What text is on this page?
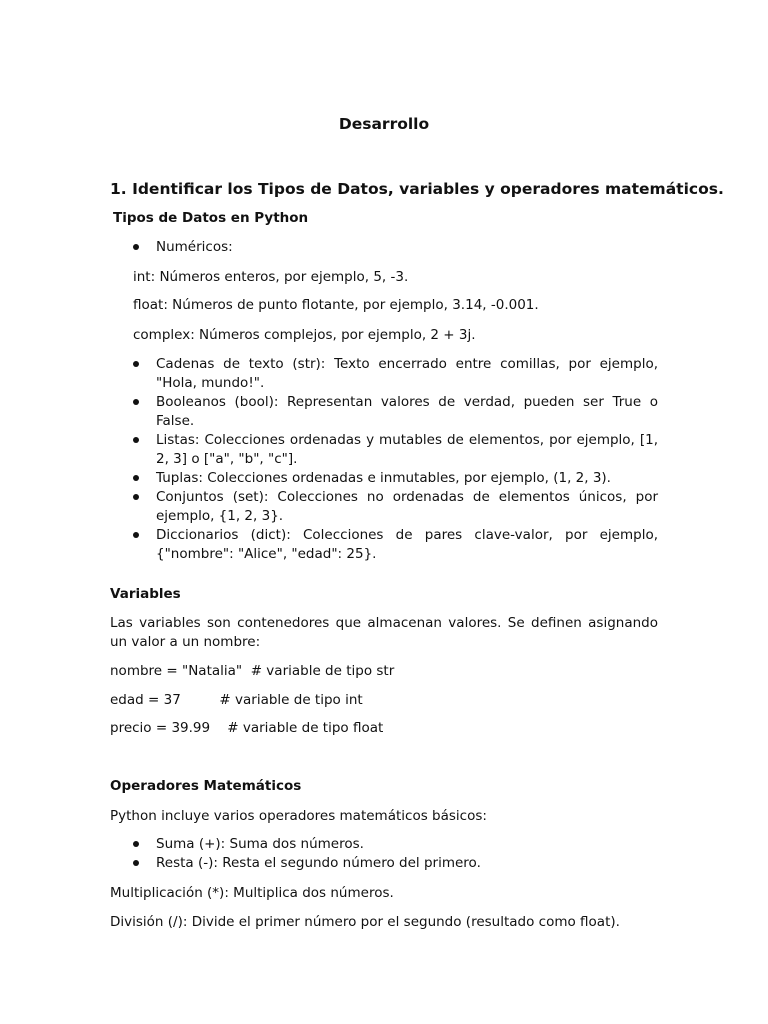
Desarrollo
1. Identificar los Tipos de Datos, variables y operadores matemáticos.
Tipos de Datos en Python
Numéricos:

int: Números enteros, por ejemplo, 5, -3.

float: Números de punto flotante, por ejemplo, 3.14, -0.001.

complex: Números complejos, por ejemplo, 2 + 3j.

Cadenas de texto (str): Texto encerrado entre comillas, por ejemplo, "Hola, mundo!".
Booleanos (bool): Representan valores de verdad, pueden ser True o False.
Listas: Colecciones ordenadas y mutables de elementos, por ejemplo, [1, 2, 3] o ["a", "b", "c"].
Tuplas: Colecciones ordenadas e inmutables, por ejemplo, (1, 2, 3).
Conjuntos (set): Colecciones no ordenadas de elementos únicos, por ejemplo, {1, 2, 3}.
Diccionarios (dict): Colecciones de pares clave-valor, por ejemplo, {"nombre": "Alice", "edad": 25}.
Variables

Las variables son contenedores que almacenan valores. Se definen asignando un valor a un nombre:

nombre = "Natalia"  # variable de tipo str

edad = 37         # variable de tipo int

precio = 39.99    # variable de tipo float

Operadores Matemáticos

Python incluye varios operadores matemáticos básicos:

Suma (+): Suma dos números.
Resta (-): Resta el segundo número del primero.

Multiplicación (*): Multiplica dos números.

División (/): Divide el primer número por el segundo (resultado como float).
